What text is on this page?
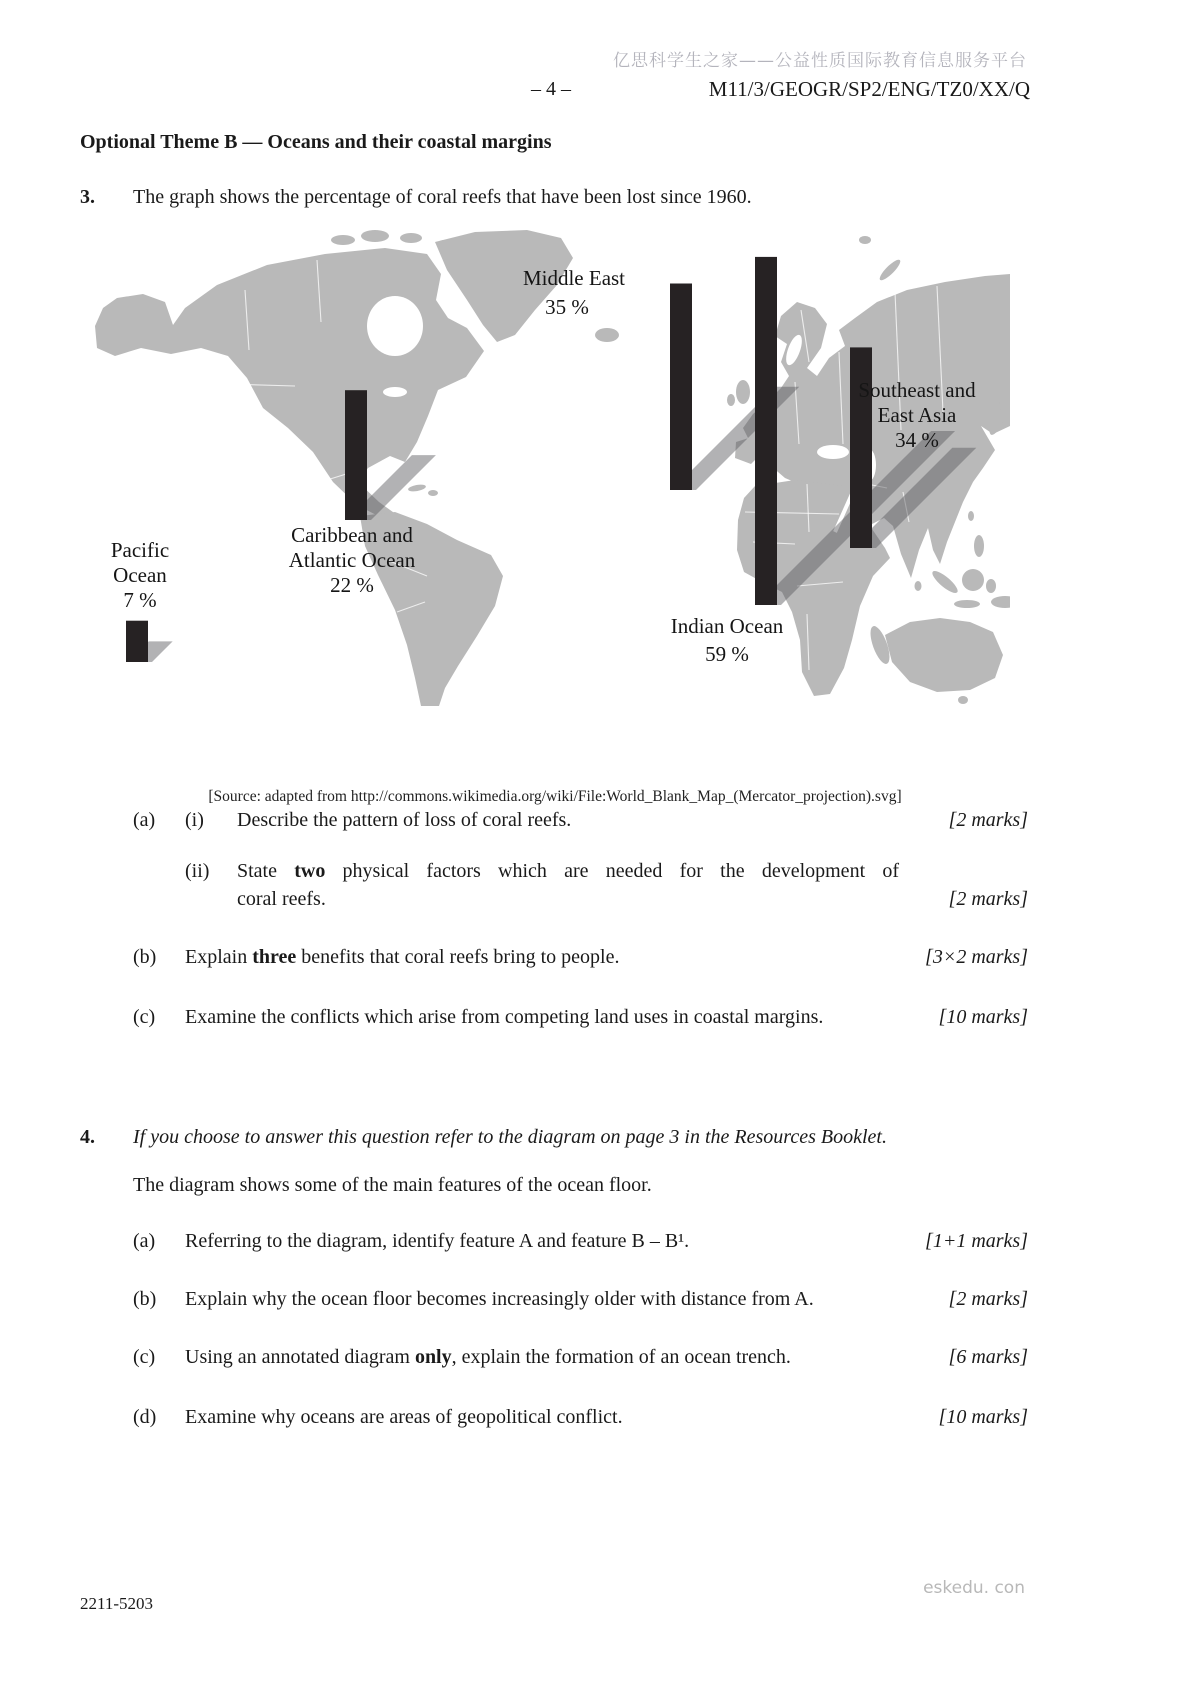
亿思科学生之家——公益性质国际教育信息服务平台
– 4 –	M11/3/GEOGR/SP2/ENG/TZ0/XX/Q
Optional Theme B — Oceans and their coastal margins
3. The graph shows the percentage of coral reefs that have been lost since 1960.
Pacific
Ocean
7 %
Caribbean and
Atlantic Ocean
22 %
Middle East
35 %
Indian Ocean
59 %
Southeast and
East Asia
34 %
[Source: adapted from http://commons.wikimedia.org/wiki/File:World_Blank_Map_(Mercator_projection).svg]
(a) (i) Describe the pattern of loss of coral reefs.	[2 marks]
(ii) State two physical factors which are needed for the development of
coral reefs.	[2 marks]
(b) Explain three benefits that coral reefs bring to people.	[3×2 marks]
(c) Examine the conflicts which arise from competing land uses in coastal margins.	[10 marks]
4. If you choose to answer this question refer to the diagram on page 3 in the Resources Booklet.
The diagram shows some of the main features of the ocean floor.
(a) Referring to the diagram, identify feature A and feature B – B¹.	[1+1 marks]
(b) Explain why the ocean floor becomes increasingly older with distance from A.	[2 marks]
(c) Using an annotated diagram only, explain the formation of an ocean trench.	[6 marks]
(d) Examine why oceans are areas of geopolitical conflict.	[10 marks]
2211-5203
eskedu. con
